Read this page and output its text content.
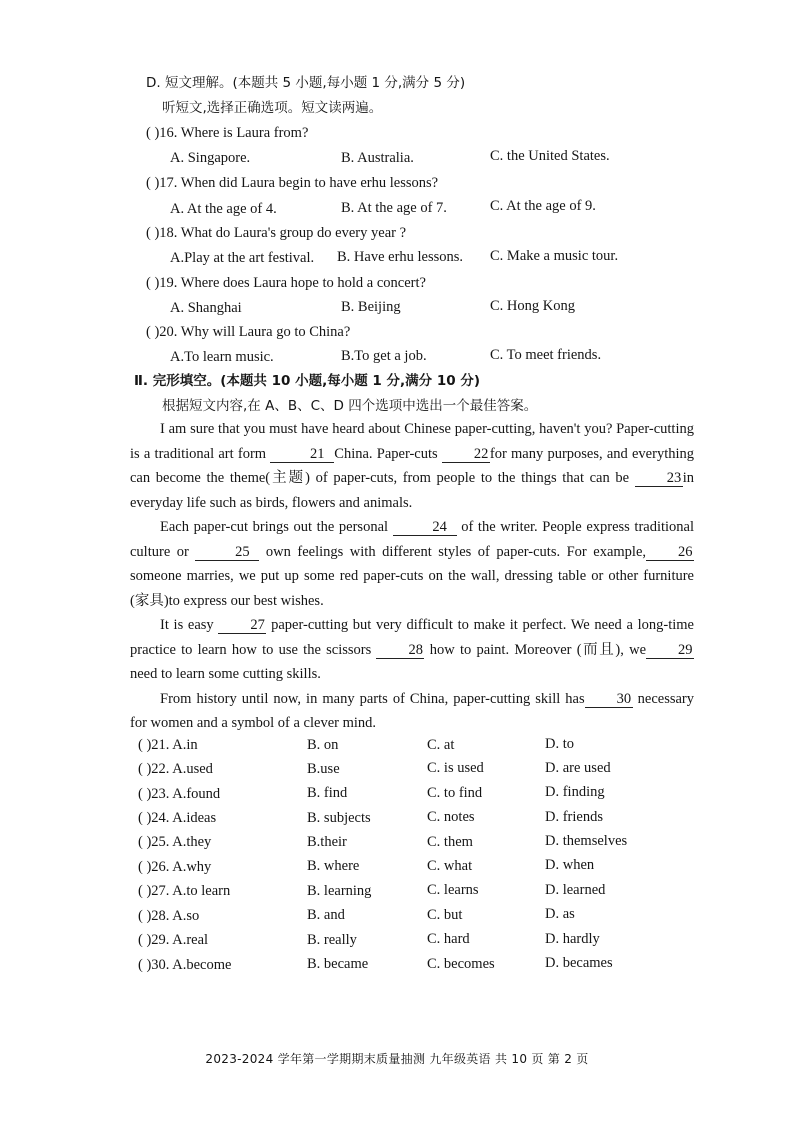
D. 短文理解。(本题共 5 小题,每小题 1 分,满分 5 分)
听短文,选择正确选项。短文读两遍。
( )16. Where is Laura from?
A. Singapore.	B. Australia.	C. the United States.
( )17. When did Laura begin to have erhu lessons?
A. At the age of 4.	B. At the age of 7.	C. At the age of 9.
( )18. What do Laura's group do every year ?
A.Play at the art festival. B. Have erhu lessons. C. Make a music tour.
( )19. Where does Laura hope to hold a concert?
A. Shanghai	B. Beijing	C. Hong Kong
( )20. Why will Laura go to China?
A.To learn music.	B.To get a job.	C. To meet friends.
Ⅱ. 完形填空。(本题共 10 小题,每小题 1 分,满分 10 分)
根据短文内容,在 A、B、C、D 四个选项中选出一个最佳答案。

I am sure that you must have heard about Chinese paper-cutting, haven't you? Paper-cutting is a traditional art form	21 China. Paper-cuts 22 for many purposes, and everything can become the theme(主题) of paper-cuts, from people to the things that can be	23 in everyday life such as birds, flowers and animals.

Each paper-cut brings out the personal	24 of the writer. People express traditional culture or	25 own feelings with different styles of paper-cuts. For example, 26someone marries, we put up some red paper-cuts on the wall, dressing table or other furniture (家具)to express our best wishes.

It is easy	27 paper-cutting but very difficult to make it perfect. We need a long-time practice to learn how to use the scissors	28 how to paint. Moreover (而且), we 29 need to learn some cutting skills.

From history until now, in many parts of China, paper-cutting skill has 30 necessary for women and a symbol of a clever mind.

( )21. A.in	B. on	C. at	D. to
( )22. A.used	B.use	C. is used	D. are used
( )23. A.found	B. find	C. to find	D. finding
( )24. A.ideas	B. subjects	C. notes	D. friends
( )25. A.they	B.their	C. them	D. themselves
( )26. A.why	B. where	C. what	D. when
( )27. A.to learn	B. learning	C. learns	D. learned
( )28. A.so	B. and	C. but	D. as
( )29. A.real	B. really	C. hard	D. hardly
( )30. A.become	B. became	C. becomes	D. becames
2023-2024 学年第一学期期末质量抽测 九年级英语 共 10 页 第 2 页
